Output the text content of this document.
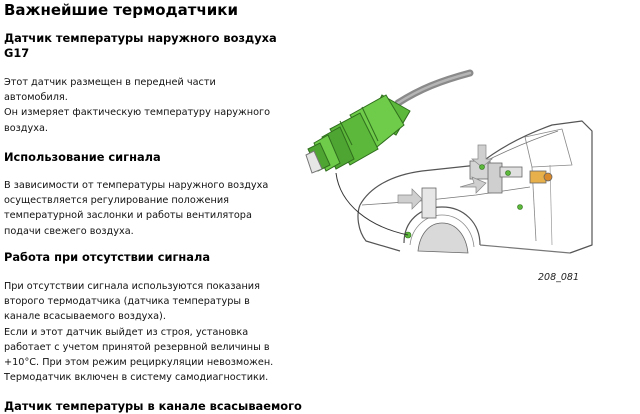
Важнейшие термодатчики
Датчик температуры наружного воздуха
G17
Этот датчик размещен в передней части
автомобиля.
Он измеряет фактическую температуру наружного
воздуха.
Использование сигнала
В зависимости от температуры наружного воздуха
осуществляется регулирование положения
температурной заслонки и работы вентилятора
подачи свежего воздуха.
Работа при отсутствии сигнала
При отсутствии сигнала используются показания
второго термодатчика (датчика температуры в
канале всасываемого воздуха).
Если и этот датчик выйдет из строя, установка
работает с учетом принятой резервной величины в
+10°C. При этом режим рециркуляции невозможен.
Термодатчик включен в систему самодиагностики.
Датчик температуры в канале всасываемого
208_081
